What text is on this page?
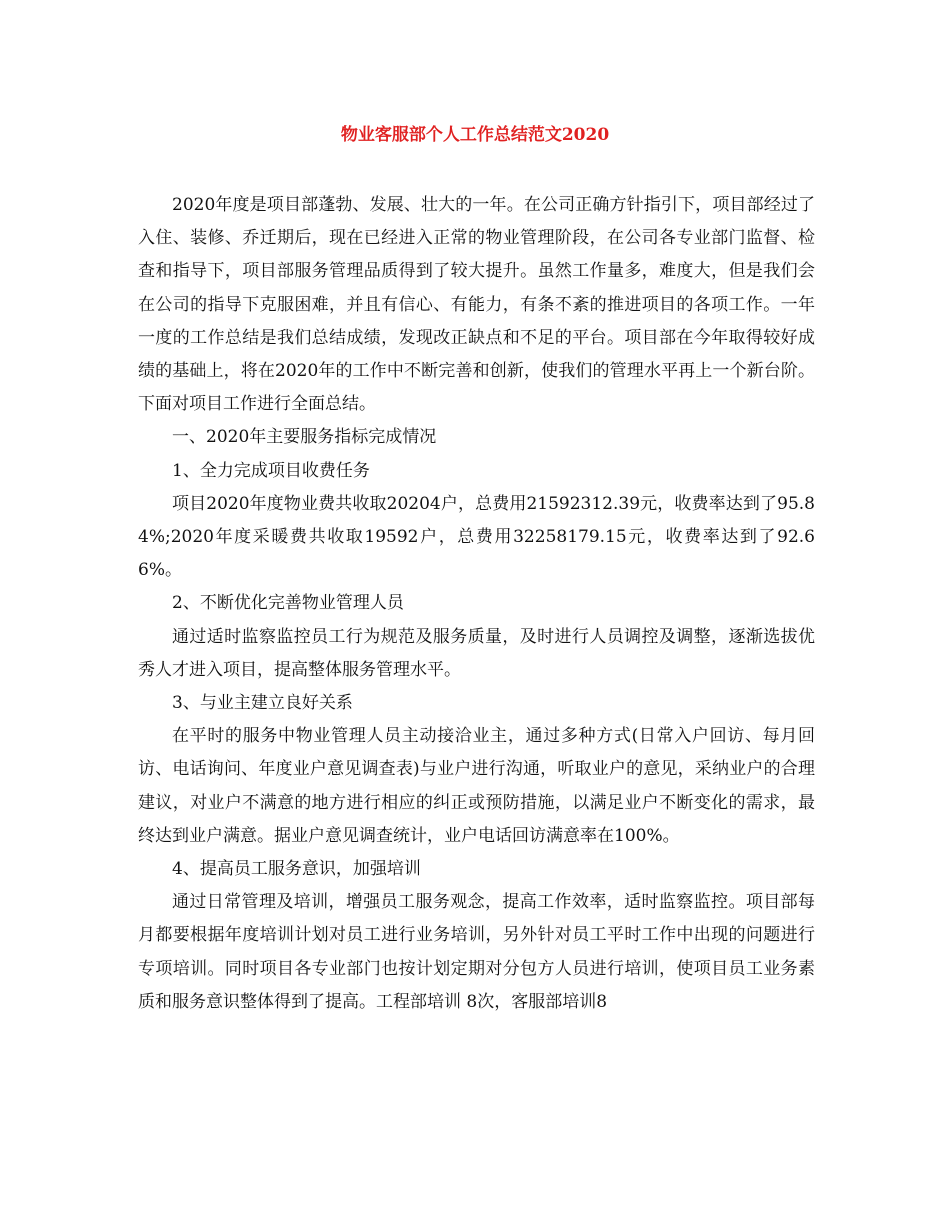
物业客服部个人工作总结范文2020

2020年度是项目部蓬勃、发展、壮大的一年。在公司正确方针指引下，项目部经过了入住、装修、乔迁期后，现在已经进入正常的物业管理阶段，在公司各专业部门监督、检查和指导下，项目部服务管理品质得到了较大提升。虽然工作量多，难度大，但是我们会在公司的指导下克服困难，并且有信心、有能力，有条不紊的推进项目的各项工作。一年一度的工作总结是我们总结成绩，发现改正缺点和不足的平台。项目部在今年取得较好成绩的基础上，将在2020年的工作中不断完善和创新，使我们的管理水平再上一个新台阶。下面对项目工作进行全面总结。

一、2020年主要服务指标完成情况

1、全力完成项目收费任务

项目2020年度物业费共收取20204户，总费用21592312.39元，收费率达到了95.84%;2020年度采暖费共收取19592户，总费用32258179.15元，收费率达到了92.66%。

2、不断优化完善物业管理人员

通过适时监察监控员工行为规范及服务质量，及时进行人员调控及调整，逐渐选拔优秀人才进入项目，提高整体服务管理水平。

3、与业主建立良好关系

在平时的服务中物业管理人员主动接洽业主，通过多种方式(日常入户回访、每月回访、电话询问、年度业户意见调查表)与业户进行沟通，听取业户的意见，采纳业户的合理建议，对业户不满意的地方进行相应的纠正或预防措施，以满足业户不断变化的需求，最终达到业户满意。据业户意见调查统计，业户电话回访满意率在100%。

4、提高员工服务意识，加强培训

通过日常管理及培训，增强员工服务观念，提高工作效率，适时监察监控。项目部每月都要根据年度培训计划对员工进行业务培训，另外针对员工平时工作中出现的问题进行专项培训。同时项目各专业部门也按计划定期对分包方人员进行培训，使项目员工业务素质和服务意识整体得到了提高。工程部培训 8次，客服部培训8
